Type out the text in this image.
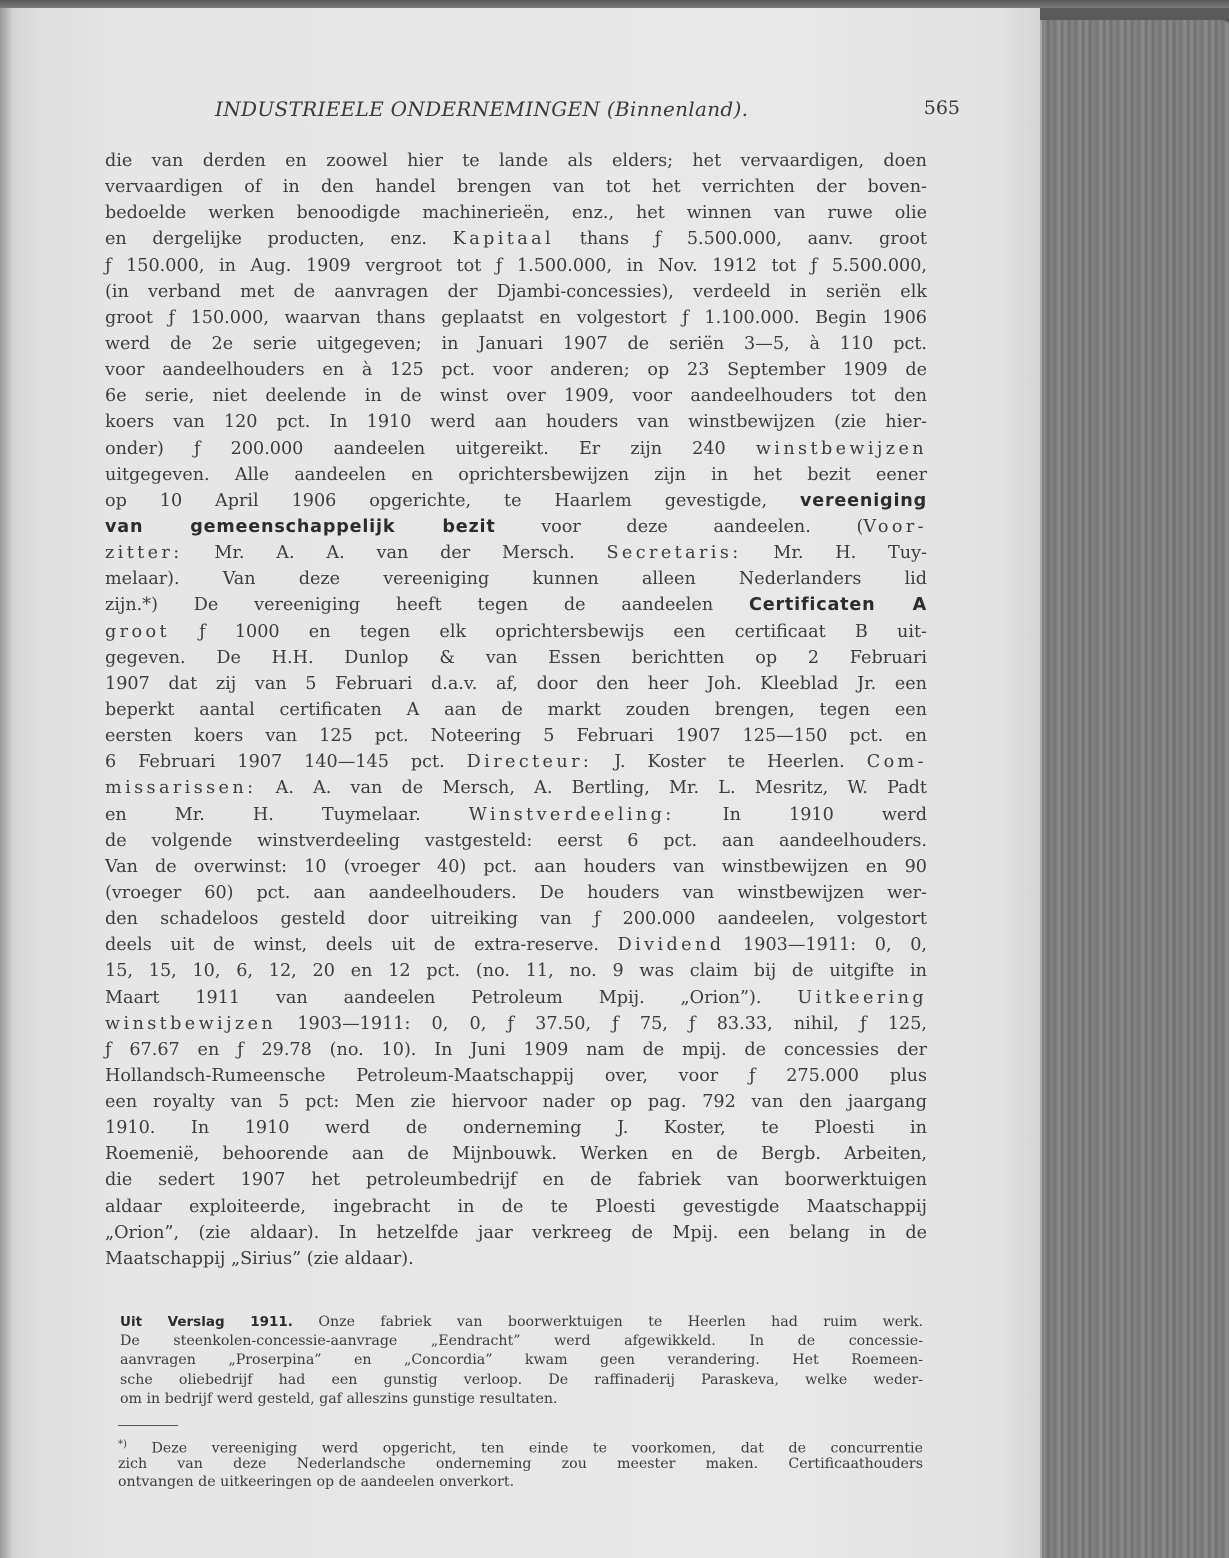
INDUSTRIEELE ONDERNEMINGEN (Binnenland).	565
die van derden en zoowel hier te lande als elders; het vervaardigen, doen
vervaardigen of in den handel brengen van tot het verrichten der boven-
bedoelde werken benoodigde machinerieën, enz., het winnen van ruwe olie
en dergelijke producten, enz. Kapitaal thans ƒ 5.500.000, aanv. groot
ƒ 150.000, in Aug. 1909 vergroot tot ƒ 1.500.000, in Nov. 1912 tot ƒ 5.500.000,
(in verband met de aanvragen der Djambi-concessies), verdeeld in seriën elk
groot ƒ 150.000, waarvan thans geplaatst en volgestort ƒ 1.100.000. Begin 1906
werd de 2e serie uitgegeven; in Januari 1907 de seriën 3—5, à 110 pct.
voor aandeelhouders en à 125 pct. voor anderen; op 23 September 1909 de
6e serie, niet deelende in de winst over 1909, voor aandeelhouders tot den
koers van 120 pct. In 1910 werd aan houders van winstbewijzen (zie hier-
onder) ƒ 200.000 aandeelen uitgereikt. Er zijn 240 winstbewijzen
uitgegeven. Alle aandeelen en oprichtersbewijzen zijn in het bezit eener
op 10 April 1906 opgerichte, te Haarlem gevestigde, vereeniging
van gemeenschappelijk bezit voor deze aandeelen. (Voor-
zitter: Mr. A. A. van der Mersch. Secretaris: Mr. H. Tuy-
melaar). Van deze vereeniging kunnen alleen Nederlanders lid
zijn.*) De vereeniging heeft tegen de aandeelen Certificaten A
groot ƒ 1000 en tegen elk oprichtersbewijs een certificaat B uit-
gegeven. De H.H. Dunlop & van Essen berichtten op 2 Februari
1907 dat zij van 5 Februari d.a.v. af, door den heer Joh. Kleeblad Jr. een
beperkt aantal certificaten A aan de markt zouden brengen, tegen een
eersten koers van 125 pct. Noteering 5 Februari 1907 125—150 pct. en
6 Februari 1907 140—145 pct. Directeur: J. Koster te Heerlen. Com-
missarissen: A. A. van de Mersch, A. Bertling, Mr. L. Mesritz, W. Padt
en Mr. H. Tuymelaar. Winstverdeeling: In 1910 werd
de volgende winstverdeeling vastgesteld: eerst 6 pct. aan aandeelhouders.
Van de overwinst: 10 (vroeger 40) pct. aan houders van winstbewijzen en 90
(vroeger 60) pct. aan aandeelhouders. De houders van winstbewijzen wer-
den schadeloos gesteld door uitreiking van ƒ 200.000 aandeelen, volgestort
deels uit de winst, deels uit de extra-reserve. Dividend 1903—1911: 0, 0,
15, 15, 10, 6, 12, 20 en 12 pct. (no. 11, no. 9 was claim bij de uitgifte in
Maart 1911 van aandeelen Petroleum Mpij. „Orion”). Uitkeering
winstbewijzen 1903—1911: 0, 0, ƒ 37.50, ƒ 75, ƒ 83.33, nihil, ƒ 125,
ƒ 67.67 en ƒ 29.78 (no. 10). In Juni 1909 nam de mpij. de concessies der
Hollandsch-Rumeensche Petroleum-Maatschappij over, voor ƒ 275.000 plus
een royalty van 5 pct: Men zie hiervoor nader op pag. 792 van den jaargang
1910. In 1910 werd de onderneming J. Koster, te Ploesti in
Roemenië, behoorende aan de Mijnbouwk. Werken en de Bergb. Arbeiten,
die sedert 1907 het petroleumbedrijf en de fabriek van boorwerktuigen
aldaar exploiteerde, ingebracht in de te Ploesti gevestigde Maatschappij
„Orion”, (zie aldaar). In hetzelfde jaar verkreeg de Mpij. een belang in de
Maatschappij „Sirius” (zie aldaar).
Uit Verslag 1911. Onze fabriek van boorwerktuigen te Heerlen had ruim werk.
De steenkolen-concessie-aanvrage „Eendracht” werd afgewikkeld. In de concessie-
aanvragen „Proserpina” en „Concordia” kwam geen verandering. Het Roemeen-
sche oliebedrijf had een gunstig verloop. De raffinaderij Paraskeva, welke weder-
om in bedrijf werd gesteld, gaf alleszins gunstige resultaten.
*) Deze vereeniging werd opgericht, ten einde te voorkomen, dat de concurrentie
zich van deze Nederlandsche onderneming zou meester maken. Certificaathouders
ontvangen de uitkeeringen op de aandeelen onverkort.
